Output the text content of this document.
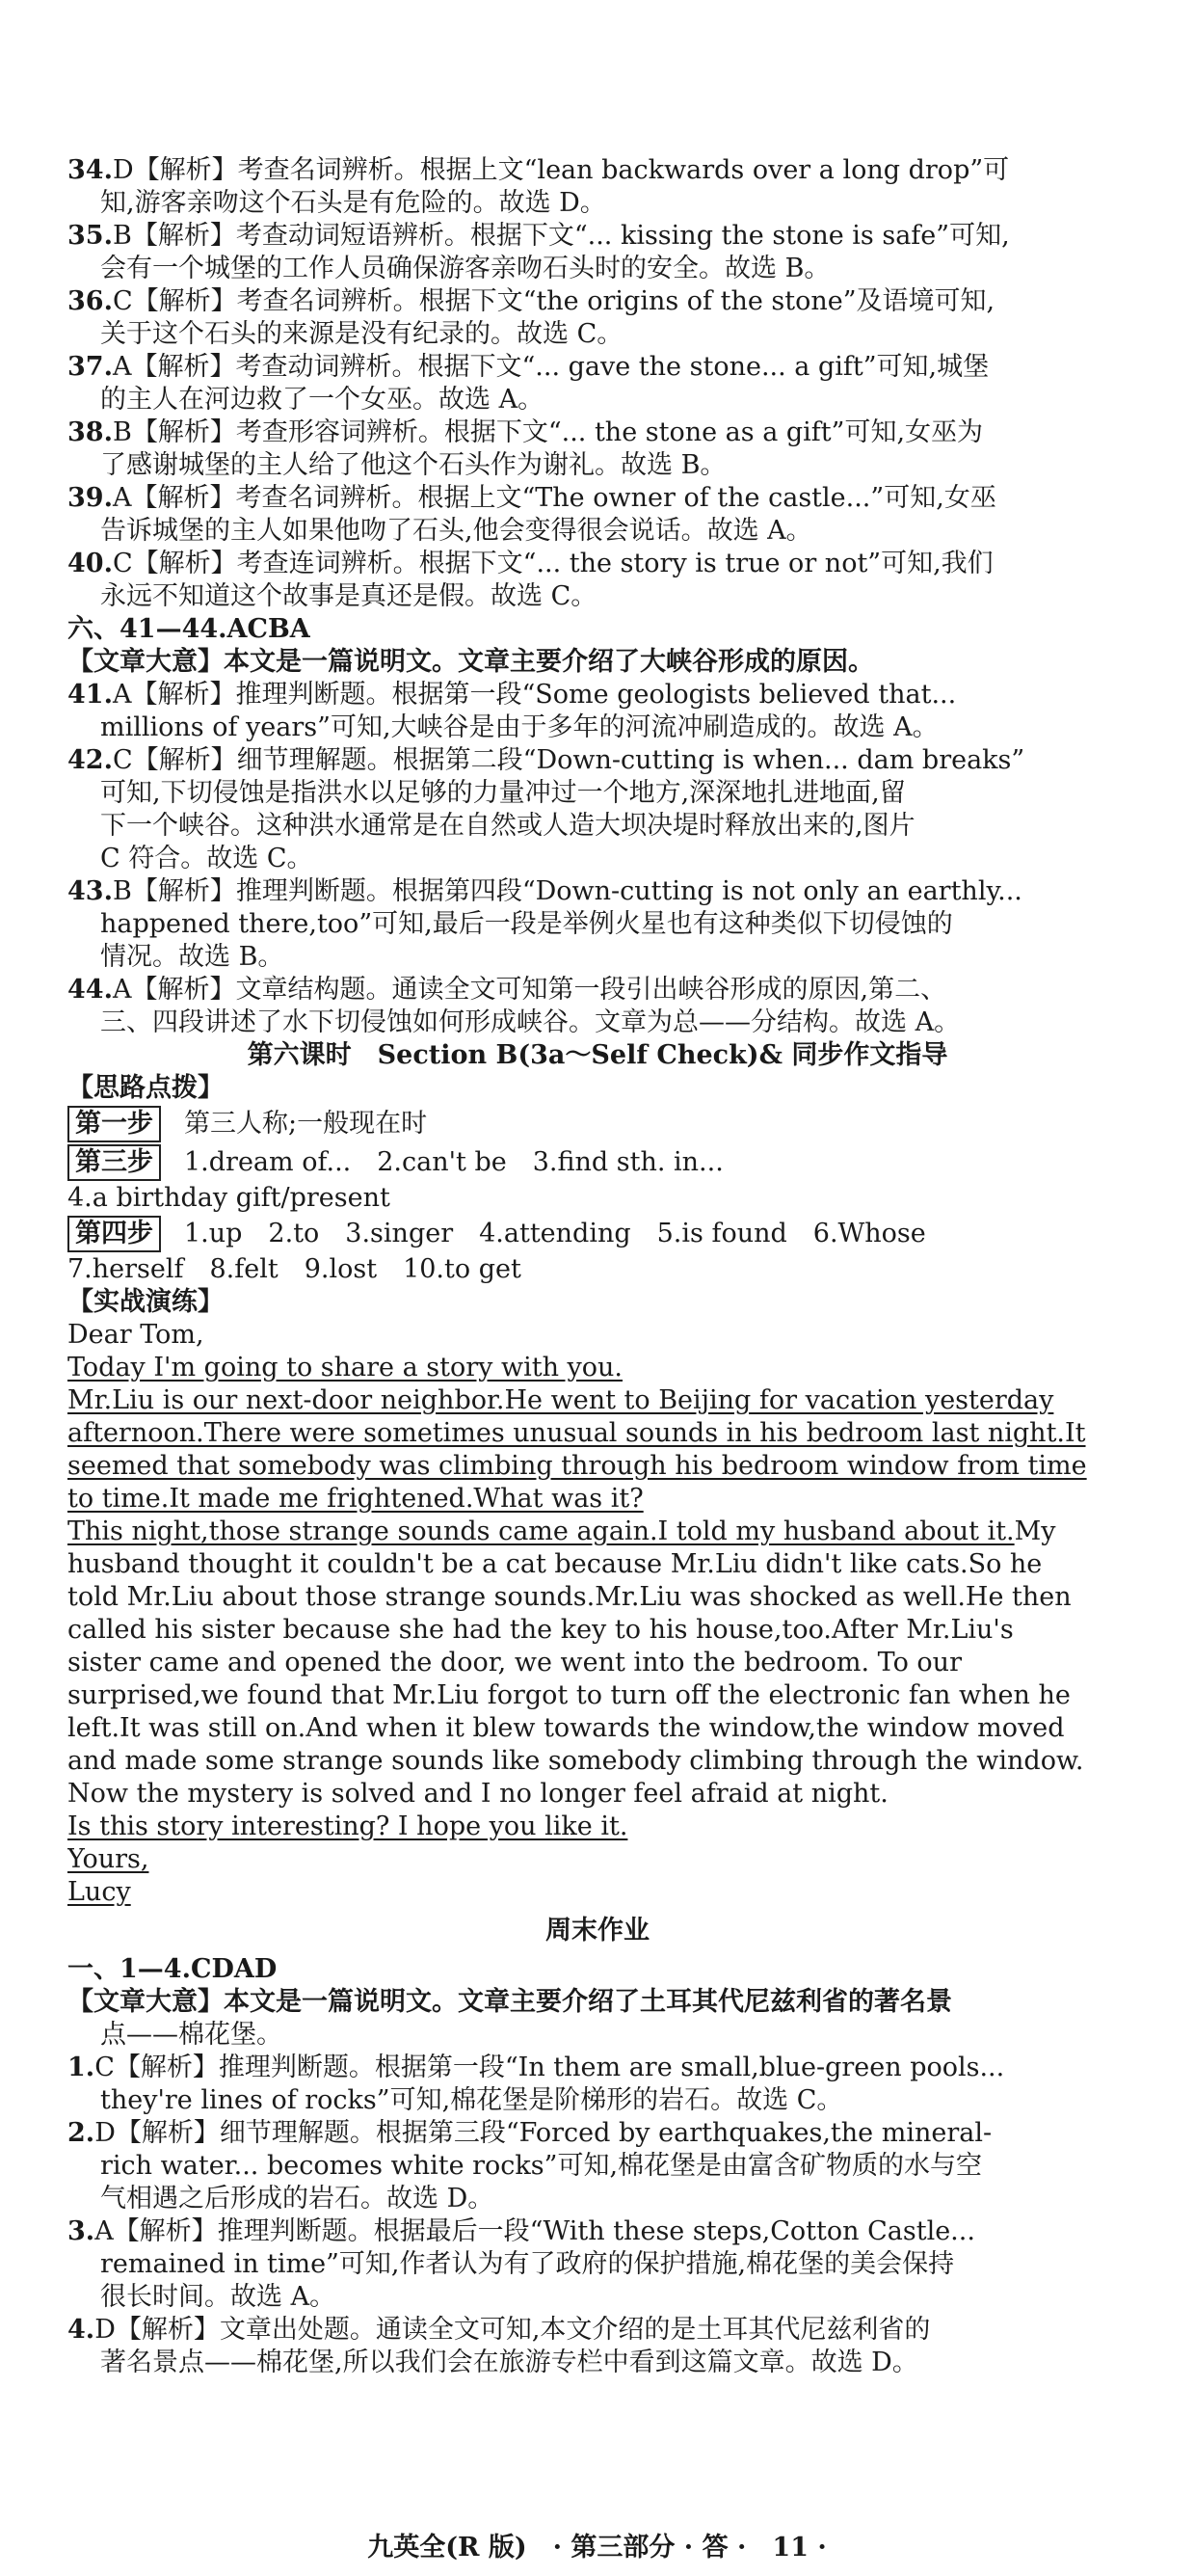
34.D【解析】考查名词辨析。根据上文“lean backwards over a long drop”可
知,游客亲吻这个石头是有危险的。故选 D。
35.B【解析】考查动词短语辨析。根据下文“... kissing the stone is safe”可知,
会有一个城堡的工作人员确保游客亲吻石头时的安全。故选 B。
36.C【解析】考查名词辨析。根据下文“the origins of the stone”及语境可知,
关于这个石头的来源是没有纪录的。故选 C。
37.A【解析】考查动词辨析。根据下文“... gave the stone... a gift”可知,城堡
的主人在河边救了一个女巫。故选 A。
38.B【解析】考查形容词辨析。根据下文“... the stone as a gift”可知,女巫为
了感谢城堡的主人给了他这个石头作为谢礼。故选 B。
39.A【解析】考查名词辨析。根据上文“The owner of the castle...”可知,女巫
告诉城堡的主人如果他吻了石头,他会变得很会说话。故选 A。
40.C【解析】考查连词辨析。根据下文“... the story is true or not”可知,我们
永远不知道这个故事是真还是假。故选 C。
六、41—44.ACBA
【文章大意】本文是一篇说明文。文章主要介绍了大峡谷形成的原因。
41.A【解析】推理判断题。根据第一段“Some geologists believed that...
millions of years”可知,大峡谷是由于多年的河流冲刷造成的。故选 A。
42.C【解析】细节理解题。根据第二段“Down-cutting is when... dam breaks”
可知,下切侵蚀是指洪水以足够的力量冲过一个地方,深深地扎进地面,留
下一个峡谷。这种洪水通常是在自然或人造大坝决堤时释放出来的,图片
C 符合。故选 C。
43.B【解析】推理判断题。根据第四段“Down-cutting is not only an earthly...
happened there,too”可知,最后一段是举例火星也有这种类似下切侵蚀的
情况。故选 B。
44.A【解析】文章结构题。通读全文可知第一段引出峡谷形成的原因,第二、
三、四段讲述了水下切侵蚀如何形成峡谷。文章为总——分结构。故选 A。
第六课时　Section B(3a～Self Check)& 同步作文指导
【思路点拨】
第一步 第三人称;一般现在时
第三步 1.dream of...　2.can't be　3.find sth. in...
4.a birthday gift/present
第四步 1.up　2.to　3.singer　4.attending　5.is found　6.Whose
7.herself　8.felt　9.lost　10.to get
【实战演练】
Dear Tom,
Today I'm going to share a story with you.
Mr.Liu is our next-door neighbor.He went to Beijing for vacation yesterday
afternoon.There were sometimes unusual sounds in his bedroom last night.It
seemed that somebody was climbing through his bedroom window from time
to time.It made me frightened.What was it?
This night,those strange sounds came again.I told my husband about it.My
husband thought it couldn't be a cat because Mr.Liu didn't like cats.So he
told Mr.Liu about those strange sounds.Mr.Liu was shocked as well.He then
called his sister because she had the key to his house,too.After Mr.Liu's
sister came and opened the door, we went into the bedroom. To our
surprised,we found that Mr.Liu forgot to turn off the electronic fan when he
left.It was still on.And when it blew towards the window,the window moved
and made some strange sounds like somebody climbing through the window.
Now the mystery is solved and I no longer feel afraid at night.
Is this story interesting? I hope you like it.
Yours,
Lucy
周末作业
一、1—4.CDAD
【文章大意】本文是一篇说明文。文章主要介绍了土耳其代尼兹利省的著名景
点——棉花堡。
1.C【解析】推理判断题。根据第一段“In them are small,blue-green pools...
they're lines of rocks”可知,棉花堡是阶梯形的岩石。故选 C。
2.D【解析】细节理解题。根据第三段“Forced by earthquakes,the mineral-
rich water... becomes white rocks”可知,棉花堡是由富含矿物质的水与空
气相遇之后形成的岩石。故选 D。
3.A【解析】推理判断题。根据最后一段“With these steps,Cotton Castle...
remained in time”可知,作者认为有了政府的保护措施,棉花堡的美会保持
很长时间。故选 A。
4.D【解析】文章出处题。通读全文可知,本文介绍的是土耳其代尼兹利省的
著名景点——棉花堡,所以我们会在旅游专栏中看到这篇文章。故选 D。
九英全(R 版)　· 第三部分 · 答 ·　11 ·
